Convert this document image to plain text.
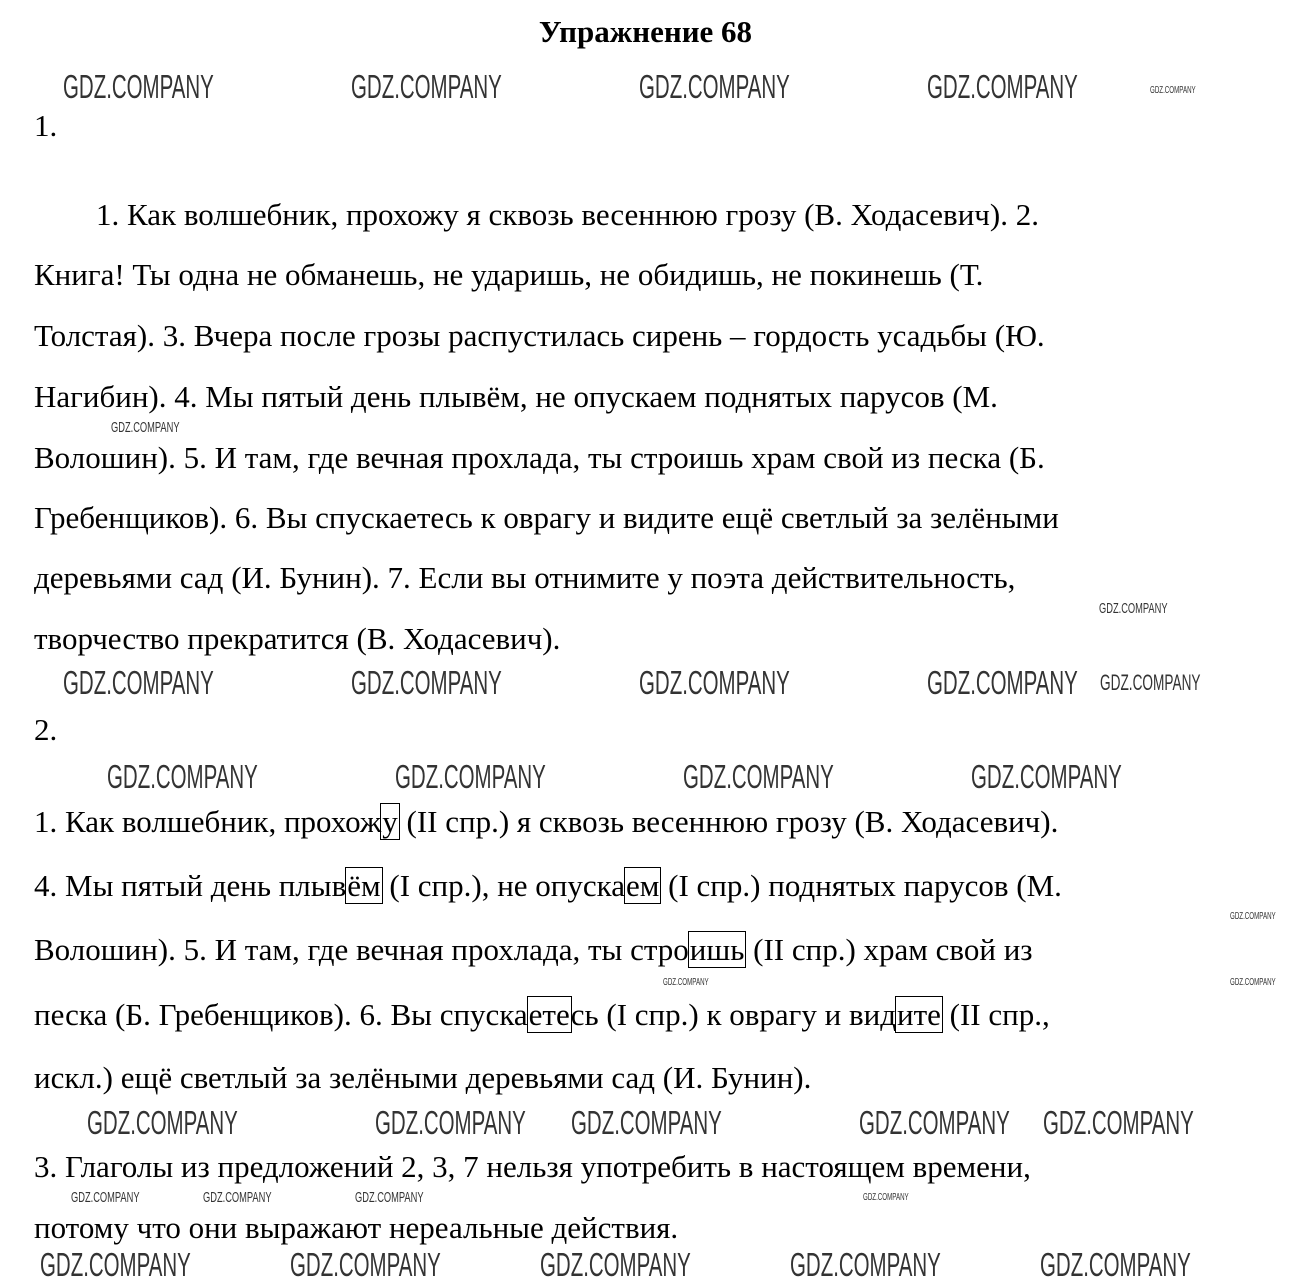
Упражнение 68
1.
1. Как волшебник, прохожу я сквозь весеннюю грозу (В. Ходасевич). 2.
Книга! Ты одна не обманешь, не ударишь, не обидишь, не покинешь (Т.
Толстая). 3. Вчера после грозы распустилась сирень – гордость усадьбы (Ю.
Нагибин). 4. Мы пятый день плывём, не опускаем поднятых парусов (М.
Волошин). 5. И там, где вечная прохлада, ты строишь храм свой из песка (Б.
Гребенщиков). 6. Вы спускаетесь к оврагу и видите ещё светлый за зелёными
деревьями сад (И. Бунин). 7. Если вы отнимите у поэта действительность,
творчество прекратится (В. Ходасевич).
2.
1. Как волшебник, прохожу (II спр.) я сквозь весеннюю грозу (В. Ходасевич).
4. Мы пятый день плывём (I спр.), не опускаем (I спр.) поднятых парусов (М.
Волошин). 5. И там, где вечная прохлада, ты строишь (II спр.) храм свой из
песка (Б. Гребенщиков). 6. Вы спускаетесь (I спр.) к оврагу и видите (II спр.,
искл.) ещё светлый за зелёными деревьями сад (И. Бунин).
3. Глаголы из предложений 2, 3, 7 нельзя употребить в настоящем времени,
потому что они выражают нереальные действия.
GDZ.COMPANY	GDZ.COMPANY	GDZ.COMPANY	GDZ.COMPANY	GDZ.COMPANY
GDZ.COMPANY	GDZ.COMPANY	GDZ.COMPANY	GDZ.COMPANY GDZ.COMPANY
GDZ.COMPANY	GDZ.COMPANY	GDZ.COMPANY	GDZ.COMPANY
GDZ.COMPANY	GDZ.COMPANY GDZ.COMPANY	GDZ.COMPANY GDZ.COMPANY
GDZ.COMPANY	GDZ.COMPANY	GDZ.COMPANY	GDZ.COMPANY	GDZ.COMPANY
GDZ.COMPANY
GDZ.COMPANY
GDZ.COMPANY	GDZ.COMPANY	GDZ.COMPANY
GDZ.COMPANY
GDZ.COMPANY
GDZ.COMPANY
GDZ.COMPANY
